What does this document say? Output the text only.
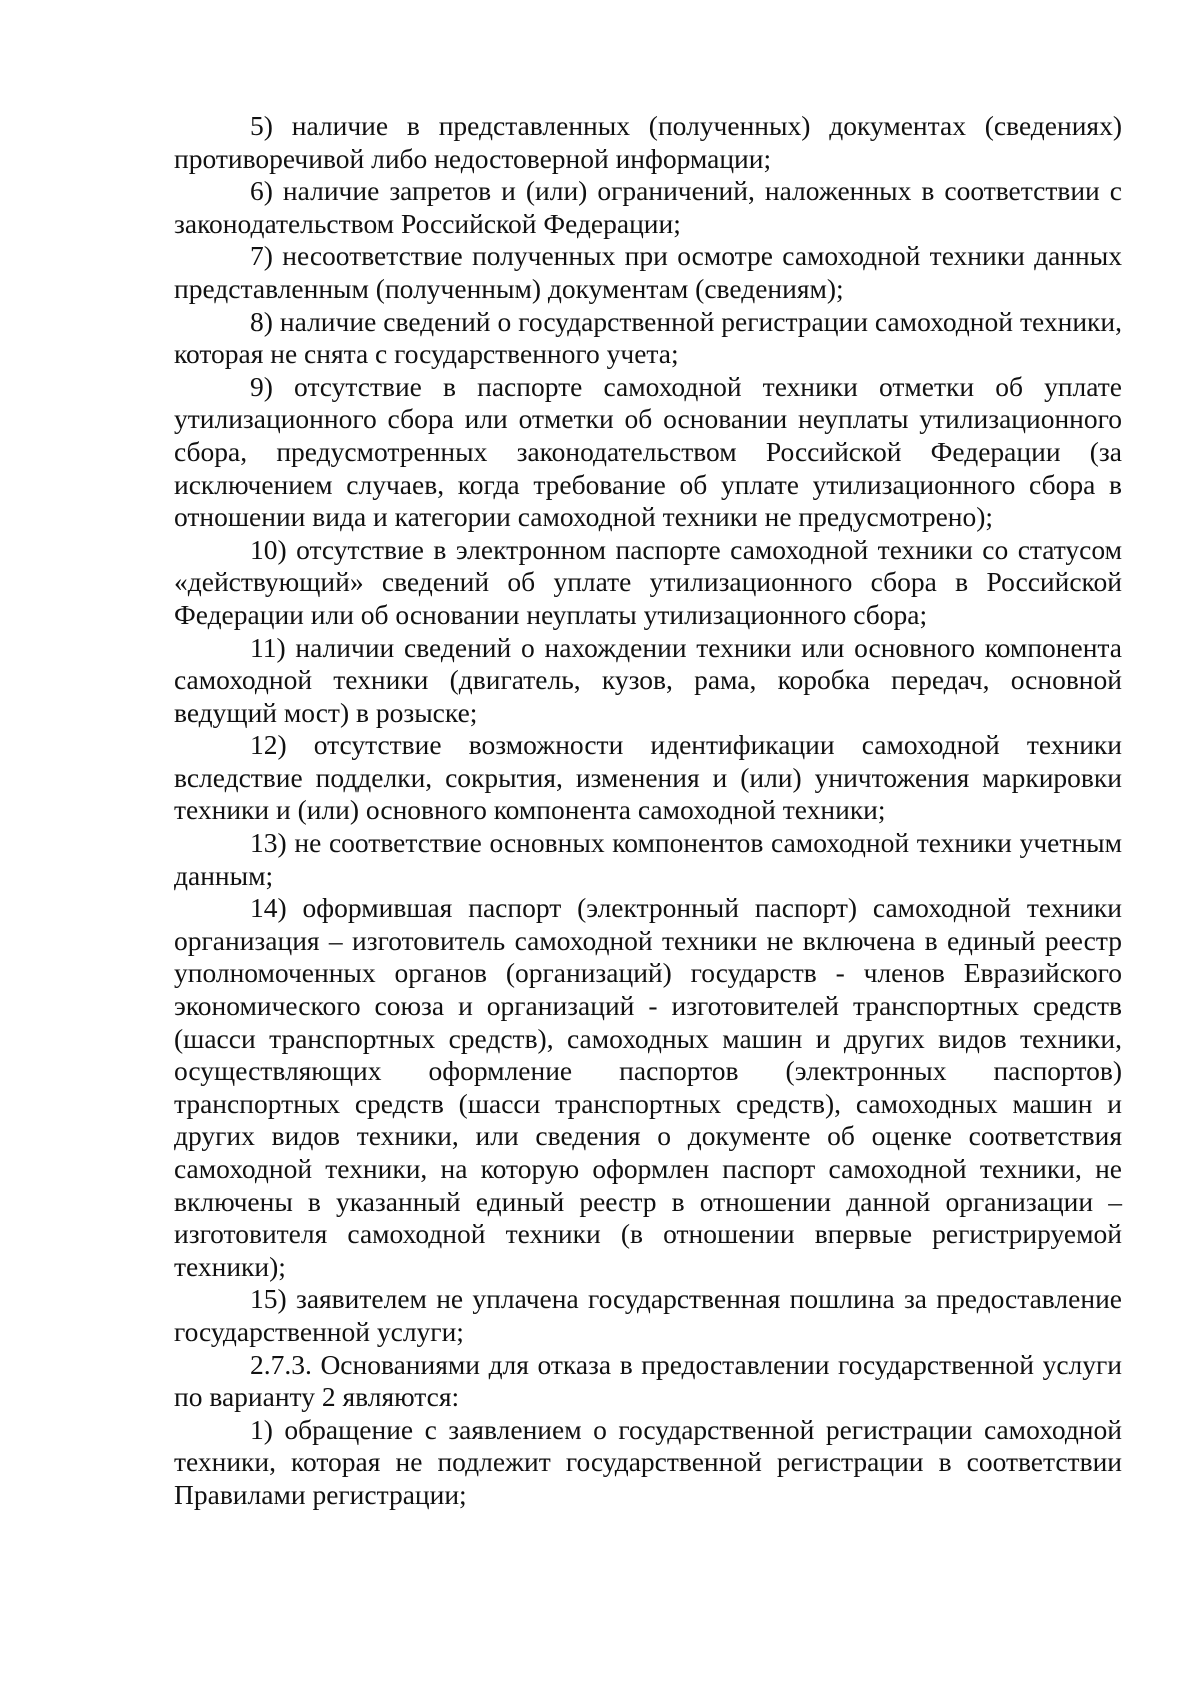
5) наличие в представленных (полученных) документах (сведениях) противоречивой либо недостоверной информации;

6) наличие запретов и (или) ограничений, наложенных в соответствии с законодательством Российской Федерации;

7) несоответствие полученных при осмотре самоходной техники данных представленным (полученным) документам (сведениям);

8) наличие сведений о государственной регистрации самоходной техники, которая не снята с государственного учета;

9) отсутствие в паспорте самоходной техники отметки об уплате утилизационного сбора или отметки об основании неуплаты утилизационного сбора, предусмотренных законодательством Российской Федерации (за исключением случаев, когда требование об уплате утилизационного сбора в отношении вида и категории самоходной техники не предусмотрено);

10) отсутствие в электронном паспорте самоходной техники со статусом «действующий» сведений об уплате утилизационного сбора в Российской Федерации или об основании неуплаты утилизационного сбора;

11) наличии сведений о нахождении техники или основного компонента самоходной техники (двигатель, кузов, рама, коробка передач, основной ведущий мост) в розыске;

12) отсутствие возможности идентификации самоходной техники вследствие подделки, сокрытия, изменения и (или) уничтожения маркировки техники и (или) основного компонента самоходной техники;

13) не соответствие основных компонентов самоходной техники учетным данным;

14) оформившая паспорт (электронный паспорт) самоходной техники организация – изготовитель самоходной техники не включена в единый реестр уполномоченных органов (организаций) государств - членов Евразийского экономического союза и организаций - изготовителей транспортных средств (шасси транспортных средств), самоходных машин и других видов техники, осуществляющих оформление паспортов (электронных паспортов) транспортных средств (шасси транспортных средств), самоходных машин и других видов техники, или сведения о документе об оценке соответствия самоходной техники, на которую оформлен паспорт самоходной техники, не включены в указанный единый реестр в отношении данной организации – изготовителя самоходной техники (в отношении впервые регистрируемой техники);

15) заявителем не уплачена государственная пошлина за предоставление государственной услуги;

2.7.3. Основаниями для отказа в предоставлении государственной услуги по варианту 2 являются:

1) обращение с заявлением о государственной регистрации самоходной техники, которая не подлежит государственной регистрации в соответствии Правилами регистрации;
